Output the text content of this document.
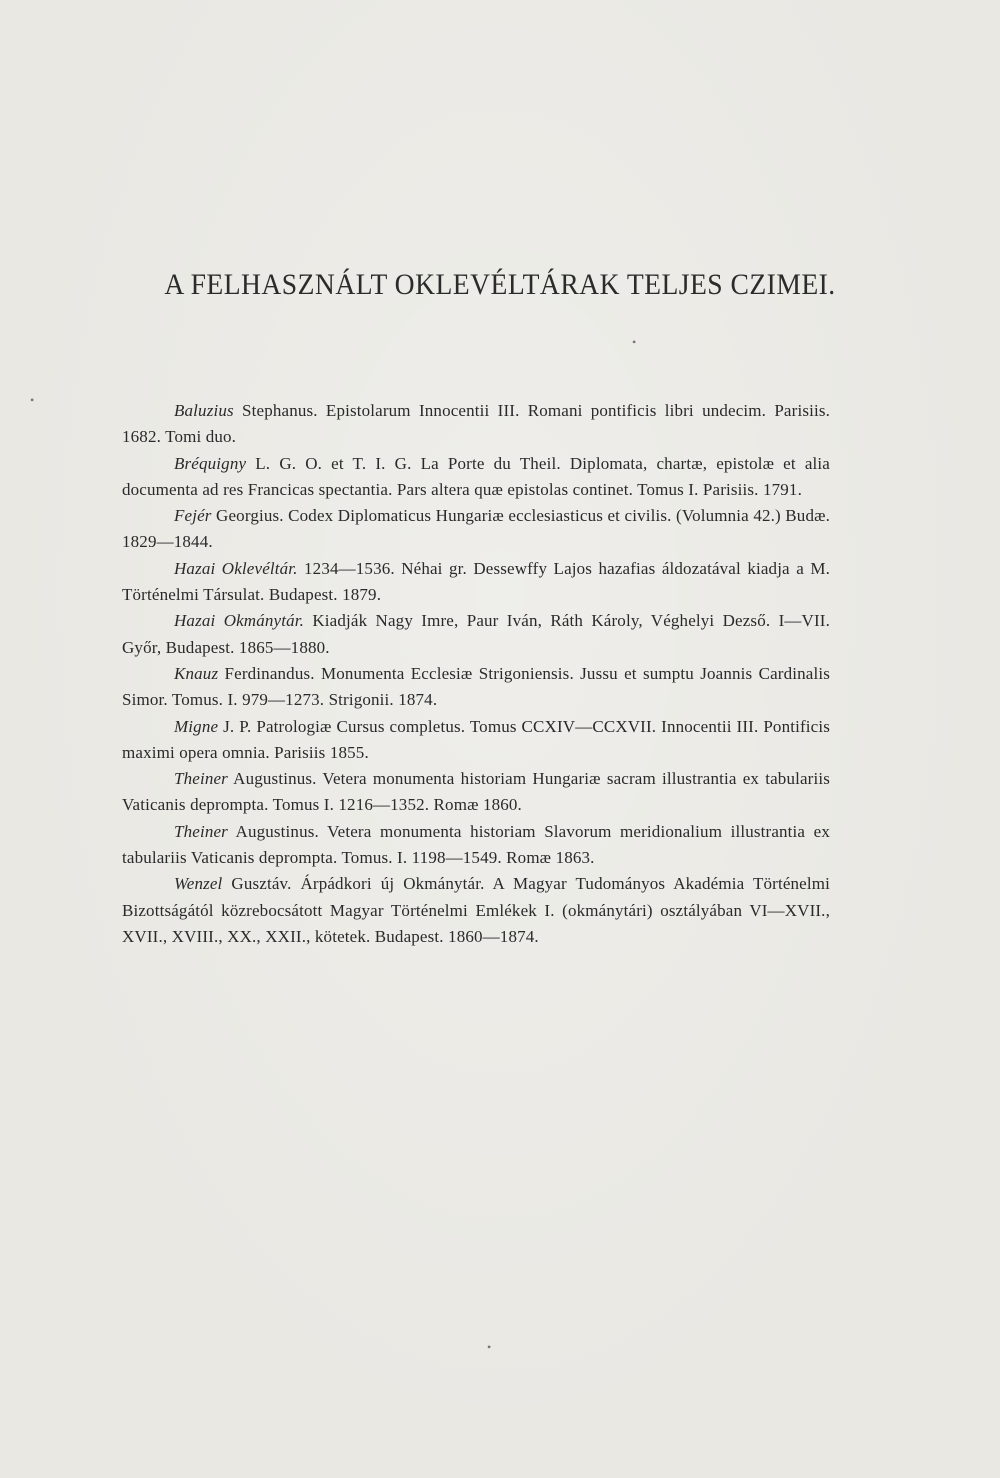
A FELHASZNÁLT OKLEVÉLTÁRAK TELJES CZIMEI.

Baluzius Stephanus. Epistolarum Innocentii III. Romani pontificis libri undecim. Parisiis. 1682. Tomi duo.

Bréquigny L. G. O. et T. I. G. La Porte du Theil. Diplomata, chartæ, epistolæ et alia documenta ad res Francicas spectantia. Pars altera quæ epistolas continet. Tomus I. Parisiis. 1791.

Fejér Georgius. Codex Diplomaticus Hungariæ ecclesiasticus et civilis. (Volumnia 42.) Budæ. 1829—1844.

Hazai Oklevéltár. 1234—1536. Néhai gr. Dessewffy Lajos hazafias áldozatával kiadja a M. Történelmi Társulat. Budapest. 1879.

Hazai Okmánytár. Kiadják Nagy Imre, Paur Iván, Ráth Károly, Véghelyi Dezső. I—VII. Győr, Budapest. 1865—1880.

Knauz Ferdinandus. Monumenta Ecclesiæ Strigoniensis. Jussu et sumptu Joannis Cardinalis Simor. Tomus. I. 979—1273. Strigonii. 1874.

Migne J. P. Patrologiæ Cursus completus. Tomus CCXIV—CCXVII. Innocentii III. Pontificis maximi opera omnia. Parisiis 1855.

Theiner Augustinus. Vetera monumenta historiam Hungariæ sacram illustrantia ex tabulariis Vaticanis deprompta. Tomus I. 1216—1352. Romæ 1860.

Theiner Augustinus. Vetera monumenta historiam Slavorum meridionalium illustrantia ex tabulariis Vaticanis deprompta. Tomus. I. 1198—1549. Romæ 1863.

Wenzel Gusztáv. Árpádkori új Okmánytár. A Magyar Tudományos Akadémia Történelmi Bizottságától közrebocsátott Magyar Történelmi Emlékek I. (okmánytári) osztályában VI—XVII., XVII., XVIII., XX., XXII., kötetek. Budapest. 1860—1874.

•
•
•
